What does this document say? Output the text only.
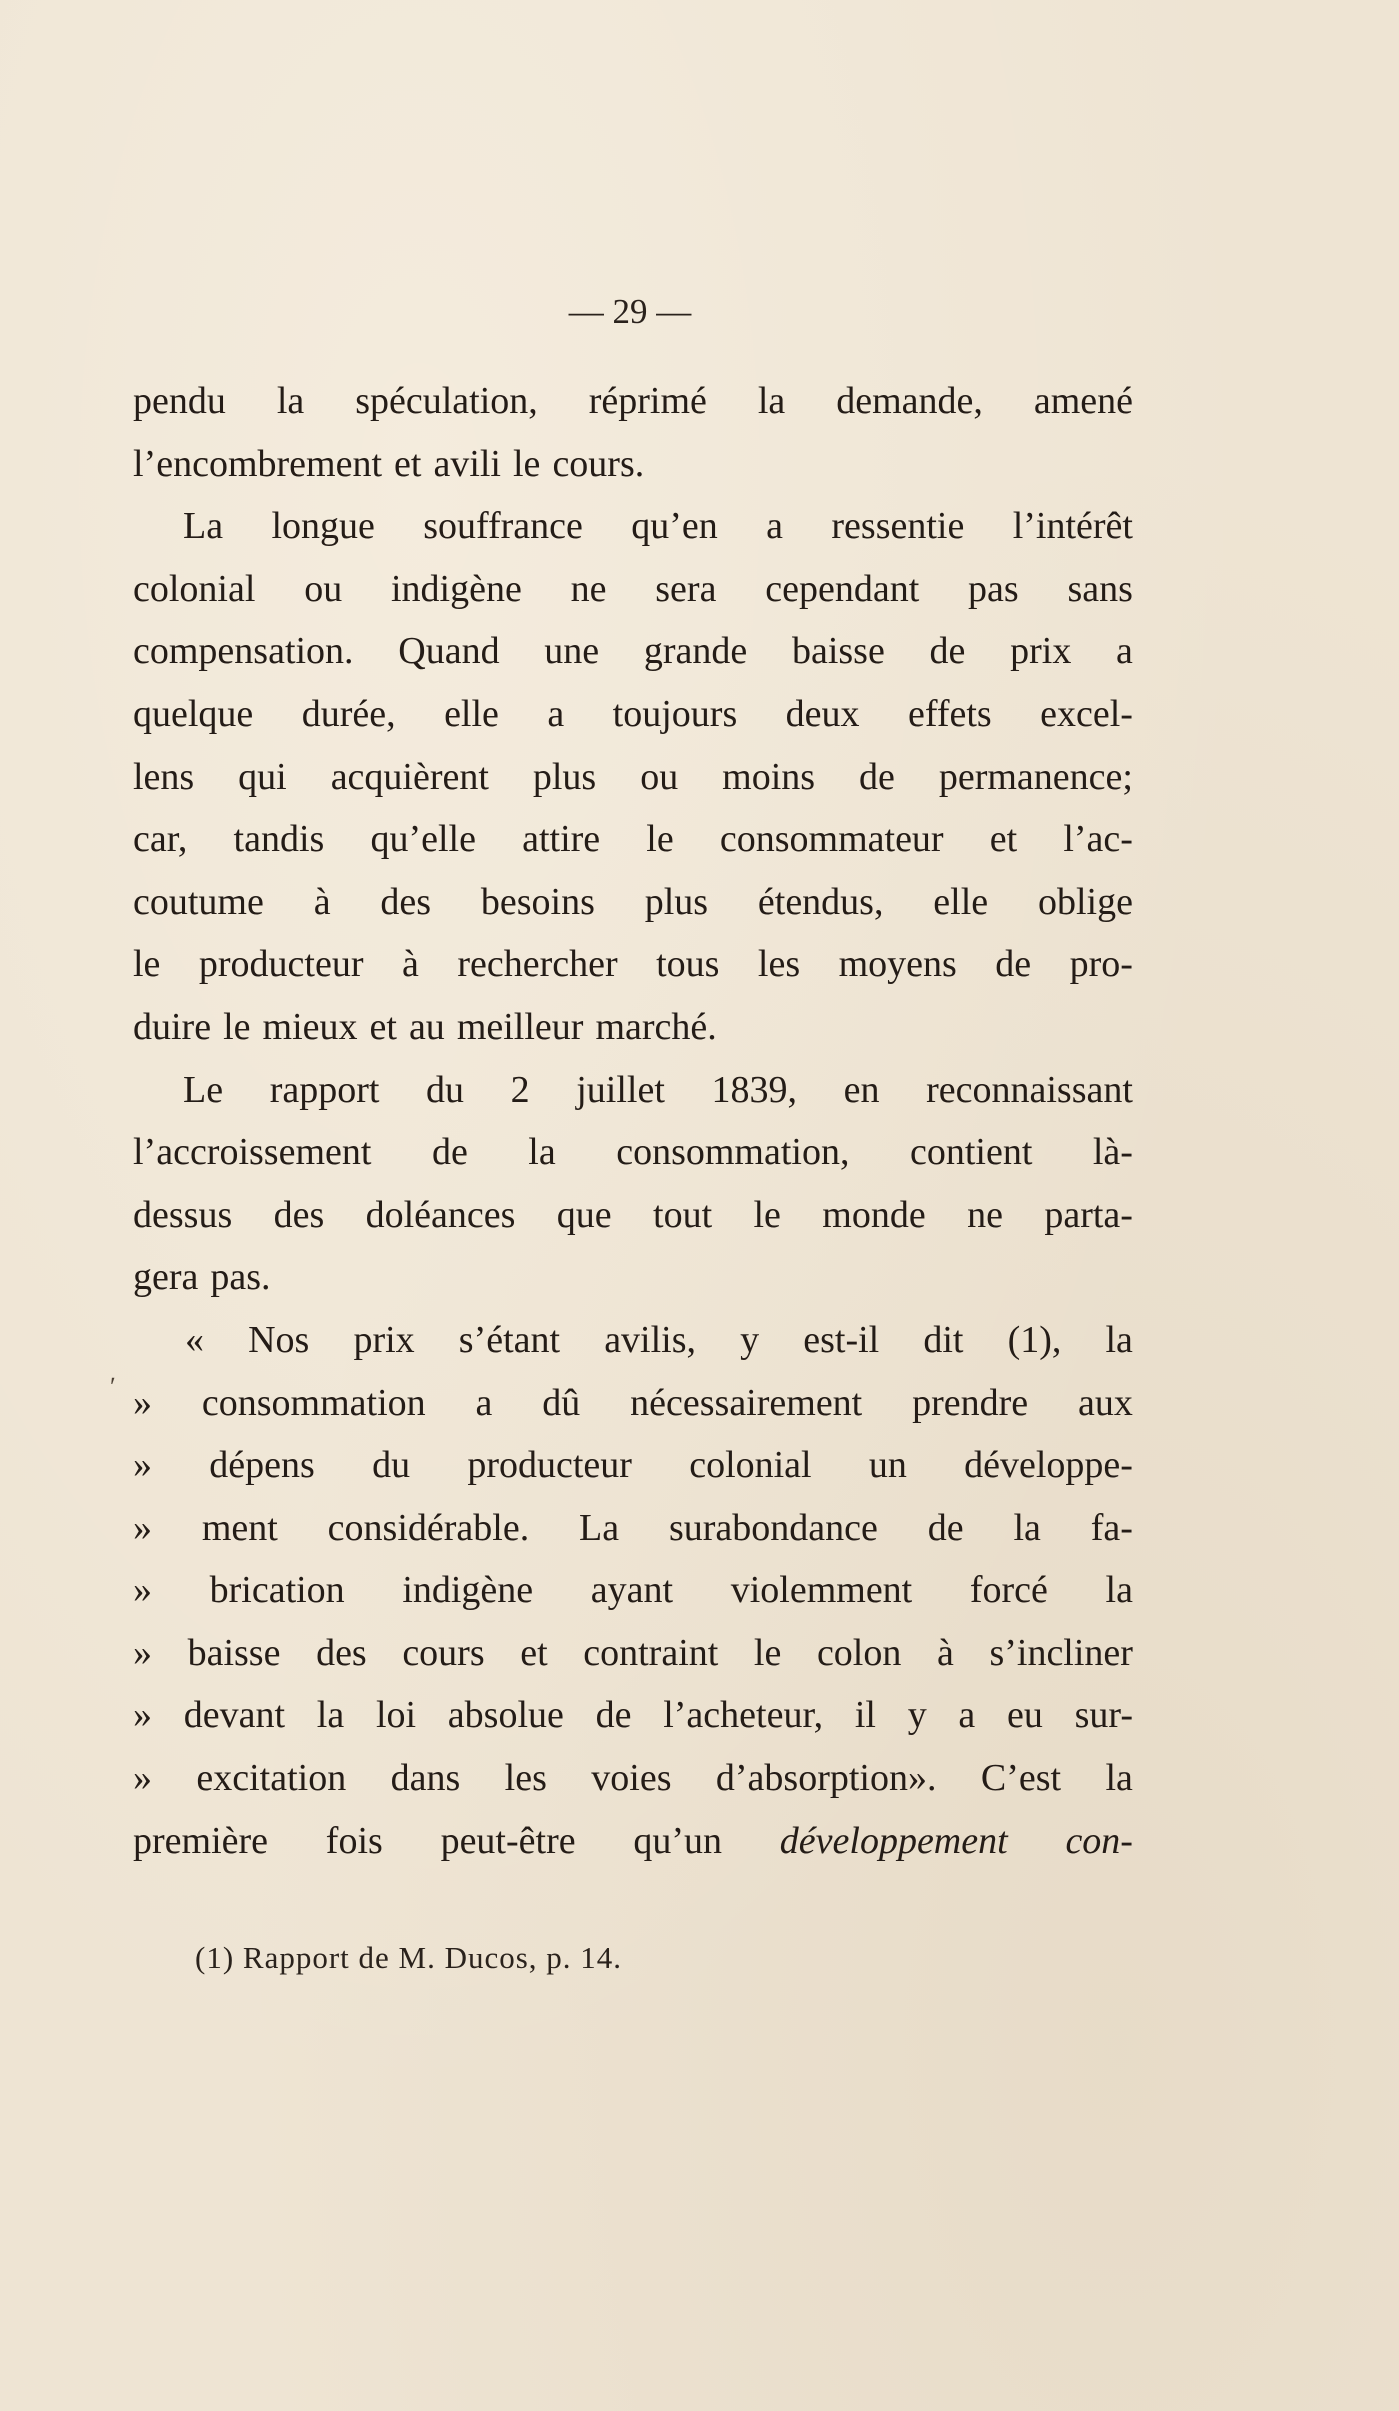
— 29 —
ʹ
pendu la spéculation, réprimé la demande, amené
l’encombrement et avili le cours.
La longue souffrance qu’en a ressentie l’intérêt
colonial ou indigène ne sera cependant pas sans
compensation. Quand une grande baisse de prix a
quelque durée, elle a toujours deux effets excel-
lens qui acquièrent plus ou moins de permanence;
car, tandis qu’elle attire le consommateur et l’ac-
coutume à des besoins plus étendus, elle oblige
le producteur à rechercher tous les moyens de pro-
duire le mieux et au meilleur marché.
Le rapport du 2 juillet 1839, en reconnaissant
l’accroissement de la consommation, contient là-
dessus des doléances que tout le monde ne parta-
gera pas.
« Nos prix s’étant avilis, y est-il dit (1), la
» consommation a dû nécessairement prendre aux
» dépens du producteur colonial un développe-
» ment considérable. La surabondance de la fa-
» brication indigène ayant violemment forcé la
» baisse des cours et contraint le colon à s’incliner
» devant la loi absolue de l’acheteur, il y a eu sur-
» excitation dans les voies d’absorption». C’est la
première fois peut-être qu’un développement con-
(1) Rapport de M. Ducos, p. 14.
